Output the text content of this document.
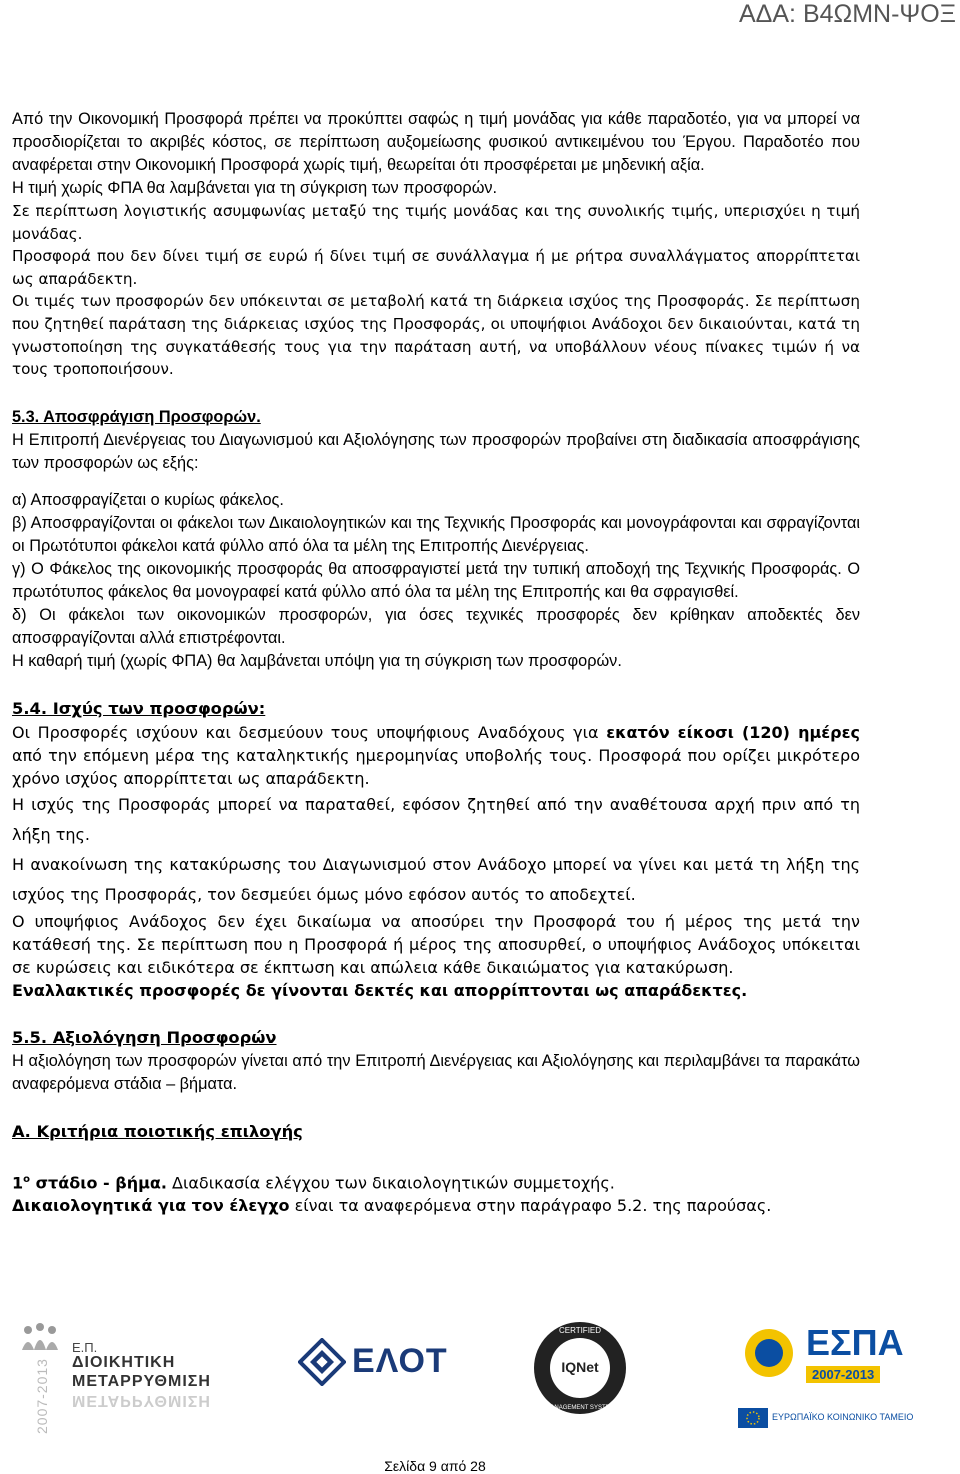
ΑΔΑ: Β4ΩΜΝ-ΨΟΞ

Από την Οικονομική Προσφορά πρέπει να προκύπτει σαφώς η τιμή μονάδας για κάθε παραδοτέο, για να μπορεί να προσδιορίζεται το ακριβές κόστος, σε περίπτωση αυξομείωσης φυσικού αντικειμένου του Έργου. Παραδοτέο που αναφέρεται στην Οικονομική Προσφορά χωρίς τιμή, θεωρείται ότι προσφέρεται με μηδενική αξία.

Η τιμή χωρίς ΦΠΑ θα λαμβάνεται για τη σύγκριση των προσφορών.

Σε περίπτωση λογιστικής ασυμφωνίας μεταξύ της τιμής μονάδας και της συνολικής τιμής, υπερισχύει η τιμή μονάδας.

Προσφορά που δεν δίνει τιμή σε ευρώ ή δίνει τιμή σε συνάλλαγμα ή με ρήτρα συναλλάγματος απορρίπτεται ως απαράδεκτη.

Οι τιμές των προσφορών δεν υπόκεινται σε μεταβολή κατά τη διάρκεια ισχύος της Προσφοράς. Σε περίπτωση που ζητηθεί παράταση της διάρκειας ισχύος της Προσφοράς, οι υποψήφιοι Ανάδοχοι δεν δικαιούνται, κατά τη γνωστοποίηση της συγκατάθεσής τους για την παράταση αυτή, να υποβάλλουν νέους πίνακες τιμών ή να τους τροποποιήσουν.

5.3. Αποσφράγιση Προσφορών.

Η Επιτροπή Διενέργειας του Διαγωνισμού και Αξιολόγησης των προσφορών προβαίνει στη διαδικασία αποσφράγισης των προσφορών ως εξής:

α) Αποσφραγίζεται ο κυρίως φάκελος.

β) Αποσφραγίζονται οι φάκελοι των Δικαιολογητικών και της Τεχνικής Προσφοράς και μονογράφονται και σφραγίζονται οι Πρωτότυποι φάκελοι κατά φύλλο από όλα τα μέλη της Επιτροπής Διενέργειας.

γ) Ο Φάκελος της οικονομικής προσφοράς θα αποσφραγιστεί μετά την τυπική αποδοχή της Τεχνικής Προσφοράς. Ο πρωτότυπος φάκελος θα μονογραφεί κατά φύλλο από όλα τα μέλη της Επιτροπής και θα σφραγισθεί.

δ) Οι φάκελοι των οικονομικών προσφορών, για όσες τεχνικές προσφορές δεν κρίθηκαν αποδεκτές δεν αποσφραγίζονται αλλά επιστρέφονται.

Η καθαρή τιμή (χωρίς ΦΠΑ) θα λαμβάνεται υπόψη για τη σύγκριση των προσφορών.

5.4. Ισχύς των προσφορών:

Οι Προσφορές ισχύουν και δεσμεύουν τους υποψήφιους Αναδόχους για εκατόν είκοσι (120) ημέρες από την επόμενη μέρα της καταληκτικής ημερομηνίας υποβολής τους. Προσφορά που ορίζει μικρότερο χρόνο ισχύος απορρίπτεται ως απαράδεκτη.

Η ισχύς της Προσφοράς μπορεί να παραταθεί, εφόσον ζητηθεί από την αναθέτουσα αρχή πριν από τη λήξη της.

Η ανακοίνωση της κατακύρωσης του Διαγωνισμού στον Ανάδοχο μπορεί να γίνει και μετά τη λήξη της ισχύος της Προσφοράς, τον δεσμεύει όμως μόνο εφόσον αυτός το αποδεχτεί.

Ο υποψήφιος Ανάδοχος δεν έχει δικαίωμα να αποσύρει την Προσφορά του ή μέρος της μετά την κατάθεσή της. Σε περίπτωση που η Προσφορά ή μέρος της αποσυρθεί, ο υποψήφιος Ανάδοχος υπόκειται σε κυρώσεις και ειδικότερα σε έκπτωση και απώλεια κάθε δικαιώματος για κατακύρωση.

Εναλλακτικές προσφορές δε γίνονται δεκτές και απορρίπτονται ως απαράδεκτες.

5.5. Αξιολόγηση Προσφορών

Η αξιολόγηση των προσφορών γίνεται από την Επιτροπή Διενέργειας και Αξιολόγησης και περιλαμβάνει τα παρακάτω αναφερόμενα στάδια – βήματα.

Α. Κριτήρια ποιοτικής επιλογής

$1^o$ στάδιο - βήμα. Διαδικασία ελέγχου των δικαιολογητικών συμμετοχής.

Δικαιολογητικά για τον έλεγχο είναι τα αναφερόμενα στην παράγραφο 5.2. της παρούσας.

2007-2013
Ε.Π.
ΔΙΟΙΚΗΤΙΚΗ
ΜΕΤΑΡΡΥΘΜΙΣΗ
ΜΕΤΑΡΡΥΘΜΙΣΗ
ΕΛΟΤ	IQNet
CERTIFIED
MANAGEMENT SYSTEM
ΕΣΠΑ
2007-2013
ΕΥΡΩΠΑΪΚΟ ΚΟΙΝΩΝΙΚΟ ΤΑΜΕΙΟ
Σελίδα 9 από 28
